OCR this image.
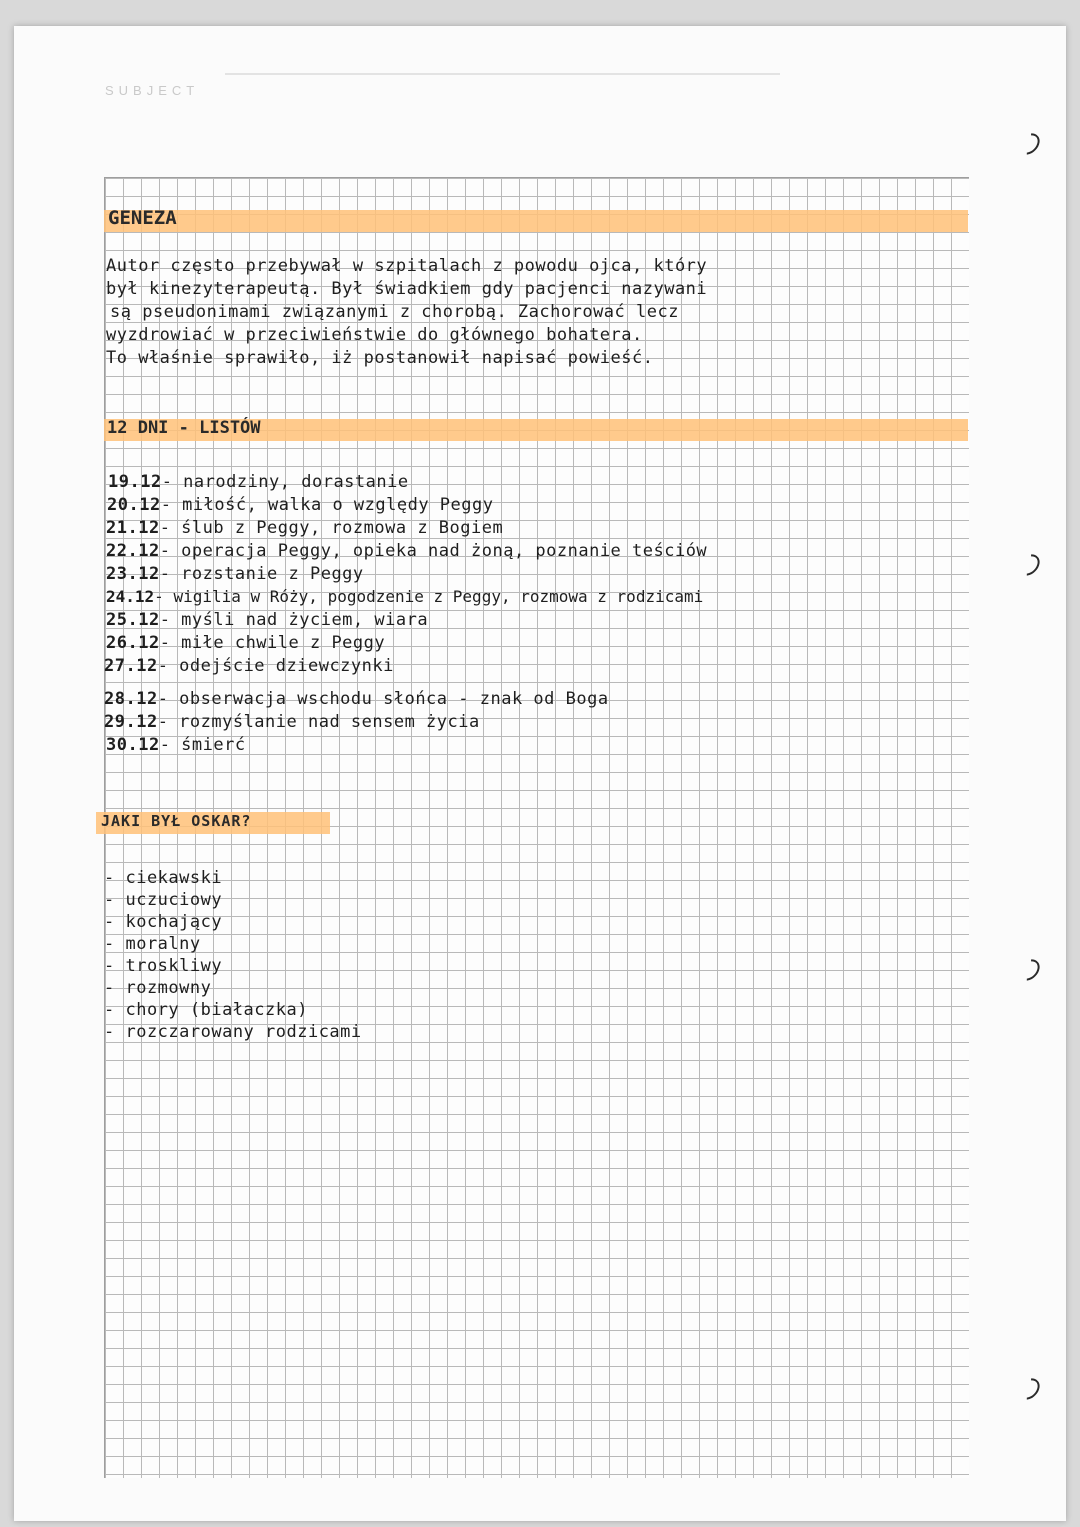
SUBJECT
GENEZA
Autor często przebywał w szpitalach z powodu ojca, który
był kinezyterapeutą. Był świadkiem gdy pacjenci nazywani
są pseudonimami związanymi z chorobą. Zachorować lecz
wyzdrowiać w przeciwieństwie do głównego bohatera.
To właśnie sprawiło, iż postanowił napisać powieść.
12 DNI - LISTÓW
19.12- narodziny, dorastanie
20.12- miłość, walka o względy Peggy
21.12- ślub z Peggy, rozmowa z Bogiem
22.12- operacja Peggy, opieka nad żoną, poznanie teściów
23.12- rozstanie z Peggy
24.12- wigilia w Róży, pogodzenie z Peggy, rozmowa z rodzicami
25.12- myśli nad życiem, wiara
26.12- miłe chwile z Peggy
27.12- odejście dziewczynki
28.12- obserwacja wschodu słońca - znak od Boga
29.12- rozmyślanie nad sensem życia
30.12- śmierć
JAKI BYŁ OSKAR?
- ciekawski
- uczuciowy
- kochający
- moralny
- troskliwy
- rozmowny
- chory (białaczka)
- rozczarowany rodzicami
